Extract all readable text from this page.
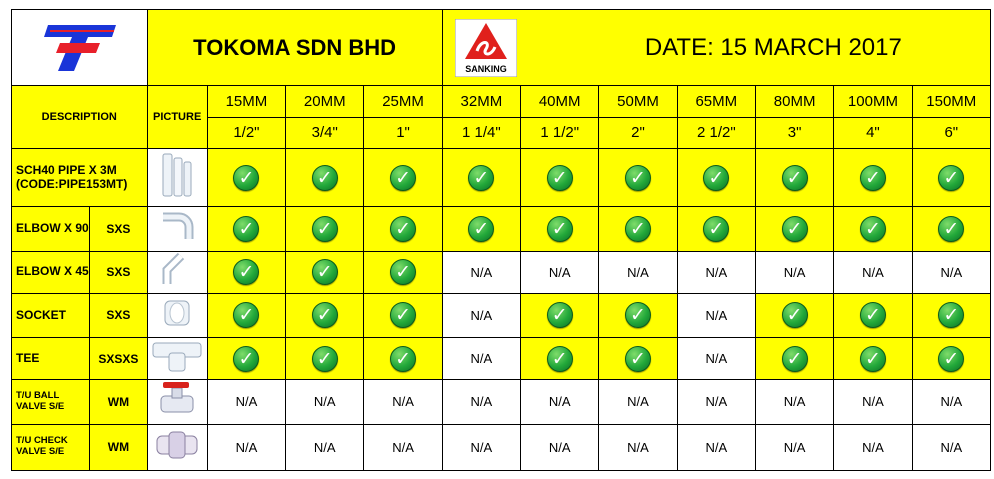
	TOKOMA SDN BHD				SANKING
DATE: 15 MARCH 2017						

DESCRIPTION		PICTURE	15MM	20MM	25MM	32MM	40MM	50MM	65MM	80MM	100MM	150MM
			1/2"	3/4"	1"	1 1/4"	1 1/2"	2"	2 1/2"	3"	4"	6"
SCH40 PIPE X 3M (CODE:PIPE153MT)		✓	✓	✓	✓	✓	✓	✓	✓	✓	✓
ELBOW X 90	SXS		✓	✓	✓	✓	✓	✓	✓	✓	✓	✓
ELBOW X 45	SXS		✓	✓	✓	N/A	N/A	N/A	N/A	N/A	N/A	N/A
SOCKET	SXS		✓	✓	✓	N/A	✓	✓	N/A	✓	✓	✓
TEE	SXSXS		✓	✓	✓	N/A	✓	✓	N/A	✓	✓	✓
T/U BALL VALVE S/E	WM		N/A	N/A	N/A	N/A	N/A	N/A	N/A	N/A	N/A	N/A
T/U CHECK VALVE S/E	WM		N/A	N/A	N/A	N/A	N/A	N/A	N/A	N/A	N/A	N/A
